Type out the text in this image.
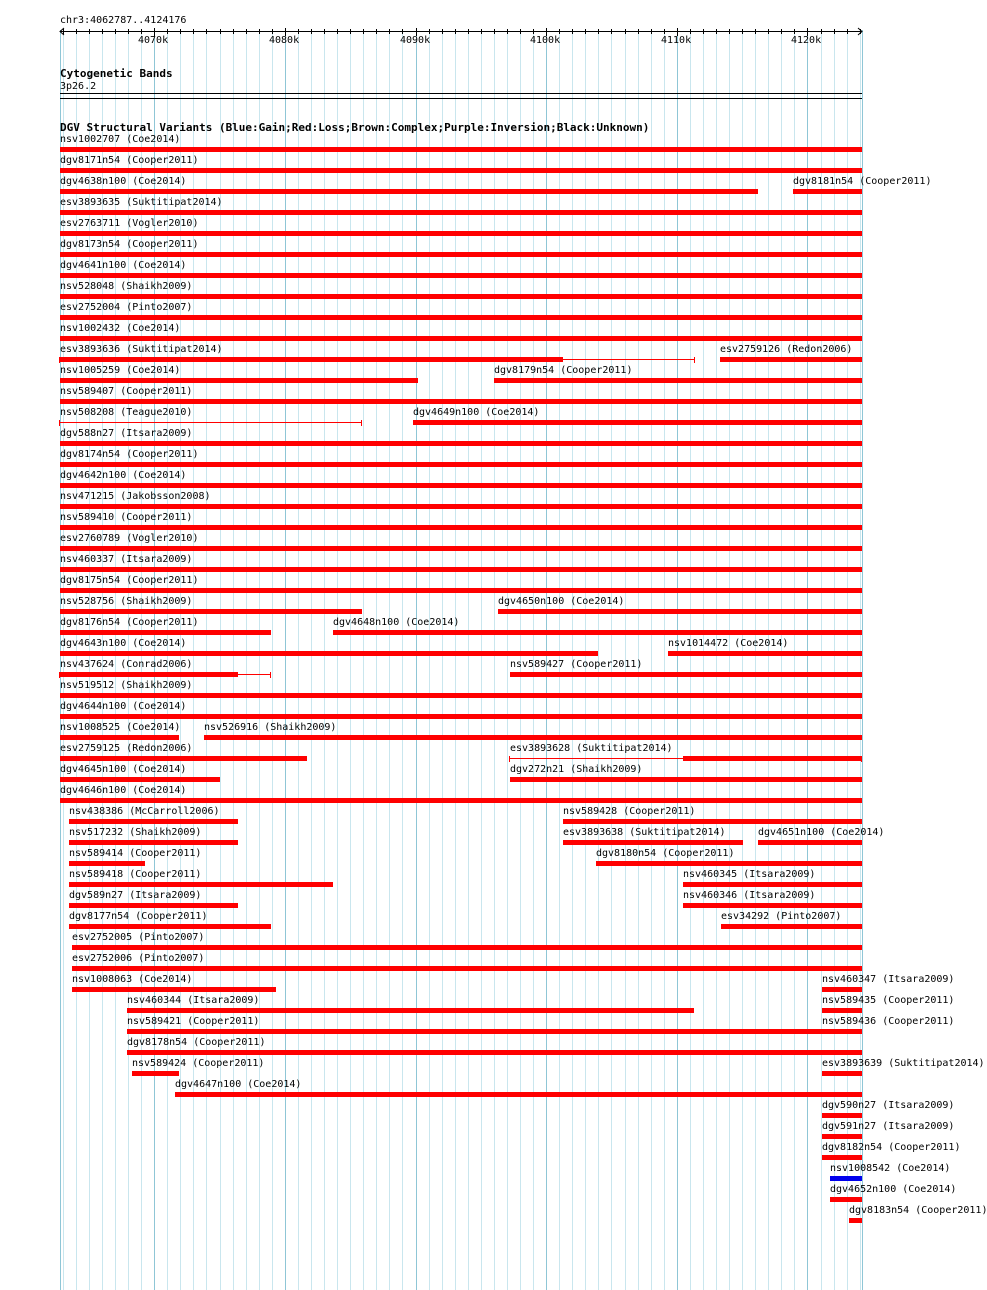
chr3:4062787..4124176
Cytogenetic Bands
3p26.2
DGV Structural Variants (Blue:Gain;Red:Loss;Brown:Complex;Purple:Inversion;Black:Unknown)
nsv1002707 (Coe2014)
dgv8171n54 (Cooper2011)
dgv4638n100 (Coe2014)	dgv8181n54 (Cooper2011)
esv3893635 (Suktitipat2014)
esv2763711 (Vogler2010)
dgv8173n54 (Cooper2011)
dgv4641n100 (Coe2014)
nsv528048 (Shaikh2009)
esv2752004 (Pinto2007)
nsv1002432 (Coe2014)
esv3893636 (Suktitipat2014)	esv2759126 (Redon2006)
nsv1005259 (Coe2014)	dgv8179n54 (Cooper2011)
nsv589407 (Cooper2011)
nsv508208 (Teague2010)	dgv4649n100 (Coe2014)
dgv588n27 (Itsara2009)
dgv8174n54 (Cooper2011)
dgv4642n100 (Coe2014)
nsv471215 (Jakobsson2008)
nsv589410 (Cooper2011)
esv2760789 (Vogler2010)
nsv460337 (Itsara2009)
dgv8175n54 (Cooper2011)
nsv528756 (Shaikh2009)	dgv4650n100 (Coe2014)
dgv8176n54 (Cooper2011)	dgv4648n100 (Coe2014)
dgv4643n100 (Coe2014)	nsv1014472 (Coe2014)
nsv437624 (Conrad2006)	nsv589427 (Cooper2011)
nsv519512 (Shaikh2009)
dgv4644n100 (Coe2014)
nsv1008525 (Coe2014) nsv526916 (Shaikh2009)
esv2759125 (Redon2006)	esv3893628 (Suktitipat2014)
dgv4645n100 (Coe2014)	dgv272n21 (Shaikh2009)
dgv4646n100 (Coe2014)
nsv438386 (McCarroll2006)	nsv589428 (Cooper2011)
nsv517232 (Shaikh2009)	esv3893638 (Suktitipat2014)	dgv4651n100 (Coe2014)
nsv589414 (Cooper2011)	dgv8180n54 (Cooper2011)
nsv589418 (Cooper2011)	nsv460345 (Itsara2009)
dgv589n27 (Itsara2009)	nsv460346 (Itsara2009)
dgv8177n54 (Cooper2011)	esv34292 (Pinto2007)
esv2752005 (Pinto2007)
esv2752006 (Pinto2007)
nsv1008063 (Coe2014)	nsv460347 (Itsara2009)
nsv460344 (Itsara2009)	nsv589435 (Cooper2011)
nsv589421 (Cooper2011)	nsv589436 (Cooper2011)
dgv8178n54 (Cooper2011)
nsv589424 (Cooper2011)	esv3893639 (Suktitipat2014)
dgv4647n100 (Coe2014)
dgv590n27 (Itsara2009)
dgv591n27 (Itsara2009)
dgv8182n54 (Cooper2011)
nsv1008542 (Coe2014)
dgv4652n100 (Coe2014)
dgv8183n54 (Cooper2011)
4070k	4080k	4090k	4100k	4110k	4120k
